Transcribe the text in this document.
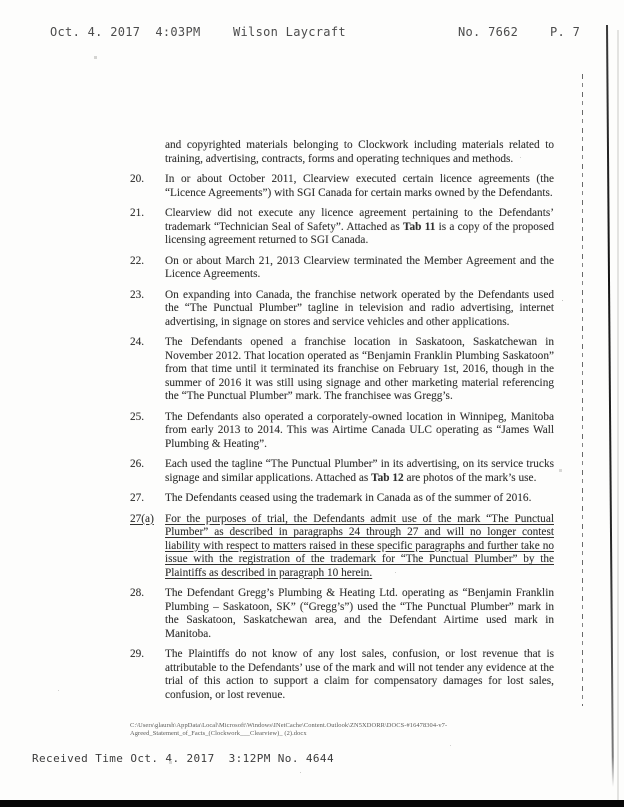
Oct. 4. 2017  4:03PM	Wilson Laycraft	No. 7662	P. 7
and copyrighted materials belonging to Clockwork including materials related to training, advertising, contracts, forms and operating techniques and methods.
20.	In or about October 2011, Clearview executed certain licence agreements (the “Licence Agreements”) with SGI Canada for certain marks owned by the Defendants.
21.	Clearview did not execute any licence agreement pertaining to the Defendants’ trademark “Technician Seal of Safety”. Attached as Tab 11 is a copy of the proposed licensing agreement returned to SGI Canada.
22.	On or about March 21, 2013 Clearview terminated the Member Agreement and the Licence Agreements.
23.	On expanding into Canada, the franchise network operated by the Defendants used the “The Punctual Plumber” tagline in television and radio advertising, internet advertising, in signage on stores and service vehicles and other applications.
24.	The Defendants opened a franchise location in Saskatoon, Saskatchewan in November 2012. That location operated as “Benjamin Franklin Plumbing Saskatoon” from that time until it terminated its franchise on February 1st, 2016, though in the summer of 2016 it was still using signage and other marketing material referencing the “The Punctual Plumber” mark. The franchisee was Gregg’s.
25.	The Defendants also operated a corporately-owned location in Winnipeg, Manitoba from early 2013 to 2014. This was Airtime Canada ULC operating as “James Wall Plumbing & Heating”.
26.	Each used the tagline “The Punctual Plumber” in its advertising, on its service trucks signage and similar applications. Attached as Tab 12 are photos of the mark’s use.
27.	The Defendants ceased using the trademark in Canada as of the summer of 2016.
27(a) For the purposes of trial, the Defendants admit use of the mark “The Punctual Plumber” as described in paragraphs 24 through 27 and will no longer contest liability with respect to matters raised in these specific paragraphs and further take no issue with the registration of the trademark for “The Punctual Plumber” by the Plaintiffs as described in paragraph 10 herein.
28.	The Defendant Gregg’s Plumbing & Heating Ltd. operating as “Benjamin Franklin Plumbing – Saskatoon, SK” (“Gregg’s”) used the “The Punctual Plumber” mark in the Saskatoon, Saskatchewan area, and the Defendant Airtime used mark in Manitoba.
29.	The Plaintiffs do not know of any lost sales, confusion, or lost revenue that is attributable to the Defendants’ use of the mark and will not tender any evidence at the trial of this action to support a claim for compensatory damages for lost sales, confusion, or lost revenue.
C:\Users\glaursh\AppData\Local\Microsoft\Windows\INetCache\Content.Outlook\ZN5XDORR\DOCS-#16478304-v7-
Agreed_Statement_of_Facts_(Clockwork___Clearview)_ (2).docx
Received Time Oct. 4. 2017  3:12PM No. 4644
